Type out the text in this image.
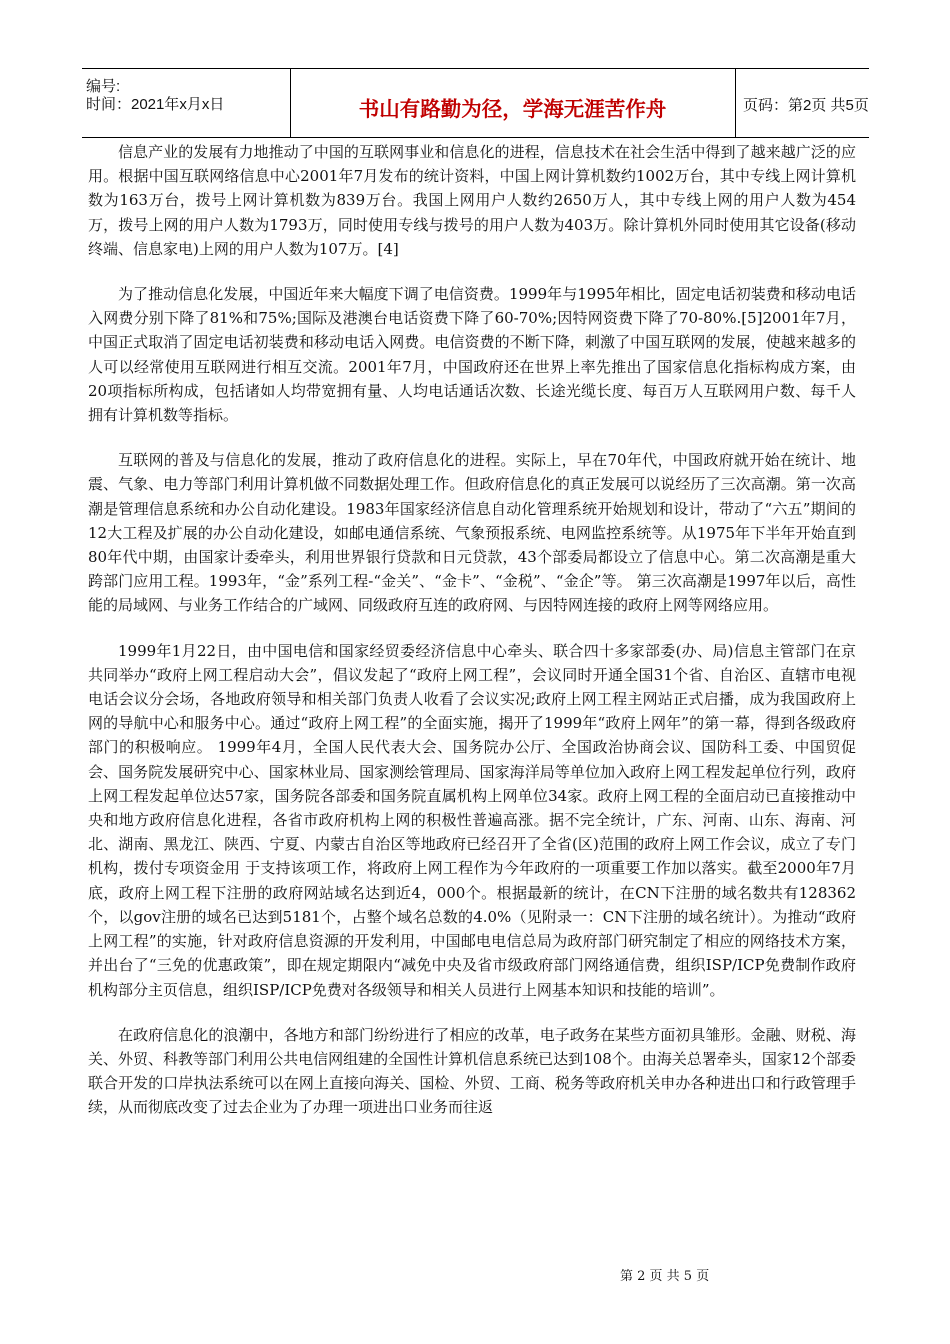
编号:
时间：2021年x月x日	书山有路勤为径，学海无涯苦作舟	页码：第2页 共5页

信息产业的发展有力地推动了中国的互联网事业和信息化的进程，信息技术在社会生活中得到了越来越广泛的应用。根据中国互联网络信息中心2001年7月发布的统计资料，中国上网计算机数约1002万台，其中专线上网计算机数为163万台，拨号上网计算机数为839万台。我国上网用户人数约2650万人，其中专线上网的用户人数为454万，拨号上网的用户人数为1793万，同时使用专线与拨号的用户人数为403万。除计算机外同时使用其它设备(移动终端、信息家电)上网的用户人数为107万。[4]

为了推动信息化发展，中国近年来大幅度下调了电信资费。1999年与1995年相比，固定电话初装费和移动电话入网费分别下降了81%和75%;国际及港澳台电话资费下降了60-70%;因特网资费下降了70-80%.[5]2001年7月，中国正式取消了固定电话初装费和移动电话入网费。电信资费的不断下降，刺激了中国互联网的发展，使越来越多的人可以经常使用互联网进行相互交流。2001年7月，中国政府还在世界上率先推出了国家信息化指标构成方案，由20项指标所构成，包括诸如人均带宽拥有量、人均电话通话次数、长途光缆长度、每百万人互联网用户数、每千人拥有计算机数等指标。

互联网的普及与信息化的发展，推动了政府信息化的进程。实际上，早在70年代，中国政府就开始在统计、地震、气象、电力等部门利用计算机做不同数据处理工作。但政府信息化的真正发展可以说经历了三次高潮。第一次高潮是管理信息系统和办公自动化建设。1983年国家经济信息自动化管理系统开始规划和设计，带动了“六五”期间的12大工程及扩展的办公自动化建设，如邮电通信系统、气象预报系统、电网监控系统等。从1975年下半年开始直到80年代中期，由国家计委牵头，利用世界银行贷款和日元贷款，43个部委局都设立了信息中心。第二次高潮是重大跨部门应用工程。1993年，“金”系列工程-“金关”、“金卡”、“金税”、“金企”等。 第三次高潮是1997年以后，高性能的局域网、与业务工作结合的广域网、同级政府互连的政府网、与因特网连接的政府上网等网络应用。

1999年1月22日，由中国电信和国家经贸委经济信息中心牵头、联合四十多家部委(办、局)信息主管部门在京共同举办“政府上网工程启动大会”，倡议发起了“政府上网工程”，会议同时开通全国31个省、自治区、直辖市电视电话会议分会场，各地政府领导和相关部门负责人收看了会议实况;政府上网工程主网站正式启播，成为我国政府上网的导航中心和服务中心。通过“政府上网工程”的全面实施，揭开了1999年“政府上网年”的第一幕，得到各级政府部门的积极响应。 1999年4月，全国人民代表大会、国务院办公厅、全国政治协商会议、国防科工委、中国贸促会、国务院发展研究中心、国家林业局、国家测绘管理局、国家海洋局等单位加入政府上网工程发起单位行列，政府上网工程发起单位达57家，国务院各部委和国务院直属机构上网单位34家。政府上网工程的全面启动已直接推动中央和地方政府信息化进程，各省市政府机构上网的积极性普遍高涨。据不完全统计，广东、河南、山东、海南、河北、湖南、黑龙江、陕西、宁夏、内蒙古自治区等地政府已经召开了全省(区)范围的政府上网工作会议，成立了专门机构，拨付专项资金用 于支持该项工作，将政府上网工程作为今年政府的一项重要工作加以落实。截至2000年7月底，政府上网工程下注册的政府网站域名达到近4，000个。根据最新的统计，在CN下注册的域名数共有128362个，以gov注册的域名已达到5181个，占整个域名总数的4.0%（见附录一：CN下注册的域名统计）。为推动“政府上网工程”的实施，针对政府信息资源的开发利用，中国邮电电信总局为政府部门研究制定了相应的网络技术方案，并出台了“三免的优惠政策”，即在规定期限内“减免中央及省市级政府部门网络通信费，组织ISP/ICP免费制作政府机构部分主页信息，组织ISP/ICP免费对各级领导和相关人员进行上网基本知识和技能的培训”。

在政府信息化的浪潮中，各地方和部门纷纷进行了相应的改革，电子政务在某些方面初具雏形。金融、财税、海关、外贸、科教等部门利用公共电信网组建的全国性计算机信息系统已达到108个。由海关总署牵头，国家12个部委联合开发的口岸执法系统可以在网上直接向海关、国检、外贸、工商、税务等政府机关申办各种进出口和行政管理手续，从而彻底改变了过去企业为了办理一项进出口业务而往返

第 2 页 共 5 页
